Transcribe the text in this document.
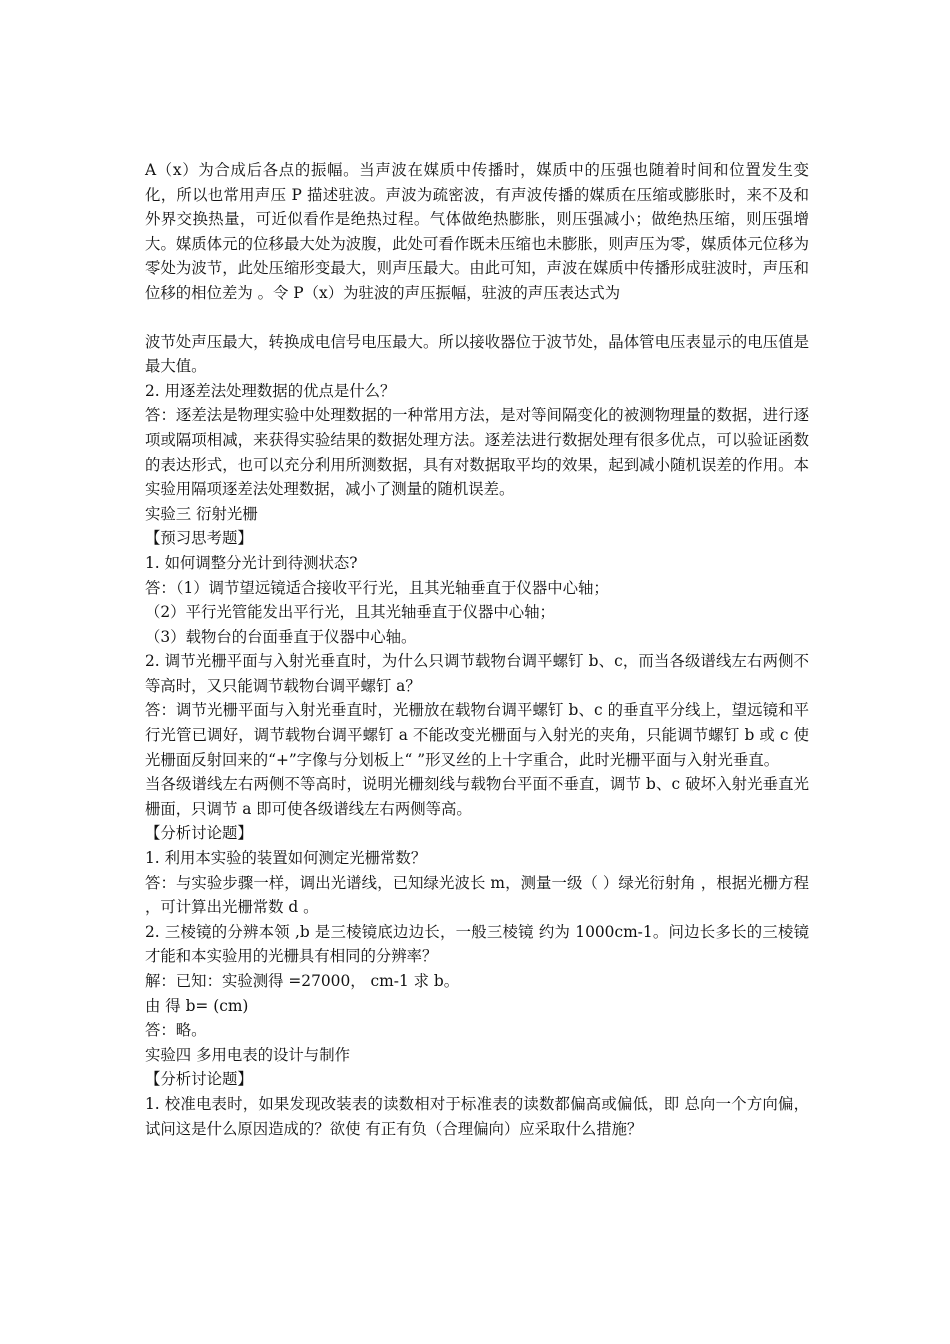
A（x）为合成后各点的振幅。当声波在媒质中传播时，媒质中的压强也随着时间和位置发生变化，所以也常用声压 P 描述驻波。声波为疏密波，有声波传播的媒质在压缩或膨胀时，来不及和外界交换热量，可近似看作是绝热过程。气体做绝热膨胀，则压强减小；做绝热压缩，则压强增大。媒质体元的位移最大处为波腹，此处可看作既未压缩也未膨胀，则声压为零，媒质体元位移为零处为波节，此处压缩形变最大，则声压最大。由此可知，声波在媒质中传播形成驻波时，声压和位移的相位差为 。令 P（x）为驻波的声压振幅，驻波的声压表达式为

波节处声压最大，转换成电信号电压最大。所以接收器位于波节处，晶体管电压表显示的电压值是最大值。

2. 用逐差法处理数据的优点是什么？

答：逐差法是物理实验中处理数据的一种常用方法，是对等间隔变化的被测物理量的数据，进行逐项或隔项相减，来获得实验结果的数据处理方法。逐差法进行数据处理有很多优点，可以验证函数的表达形式，也可以充分利用所测数据，具有对数据取平均的效果，起到减小随机误差的作用。本实验用隔项逐差法处理数据，减小了测量的随机误差。

实验三 衍射光栅

【预习思考题】

1. 如何调整分光计到待测状态?

答：（1）调节望远镜适合接收平行光，且其光轴垂直于仪器中心轴；

（2）平行光管能发出平行光，且其光轴垂直于仪器中心轴；

（3）载物台的台面垂直于仪器中心轴。

2. 调节光栅平面与入射光垂直时，为什么只调节载物台调平螺钉 b、c，而当各级谱线左右两侧不等高时，又只能调节载物台调平螺钉 a？

答：调节光栅平面与入射光垂直时，光栅放在载物台调平螺钉 b、c 的垂直平分线上，望远镜和平行光管已调好，调节载物台调平螺钉 a 不能改变光栅面与入射光的夹角，只能调节螺钉 b 或 c 使光栅面反射回来的“+”字像与分划板上“ ”形叉丝的上十字重合，此时光栅平面与入射光垂直。

当各级谱线左右两侧不等高时，说明光栅刻线与载物台平面不垂直，调节 b、c 破坏入射光垂直光栅面，只调节 a 即可使各级谱线左右两侧等高。

【分析讨论题】

1. 利用本实验的装置如何测定光栅常数？

答：与实验步骤一样，调出光谱线，已知绿光波长 m，测量一级（ ）绿光衍射角 ，根据光栅方程 ，可计算出光栅常数 d 。

2. 三棱镜的分辨本领 ,b 是三棱镜底边边长，一般三棱镜 约为 1000cm-1。问边长多长的三棱镜才能和本实验用的光栅具有相同的分辨率？

解：已知：实验测得 =27000， cm-1 求 b。

由 得 b= (cm)

答：略。

实验四 多用电表的设计与制作

【分析讨论题】

1. 校准电表时，如果发现改装表的读数相对于标准表的读数都偏高或偏低，即 总向一个方向偏，试问这是什么原因造成的？欲使 有正有负（合理偏向）应采取什么措施？
